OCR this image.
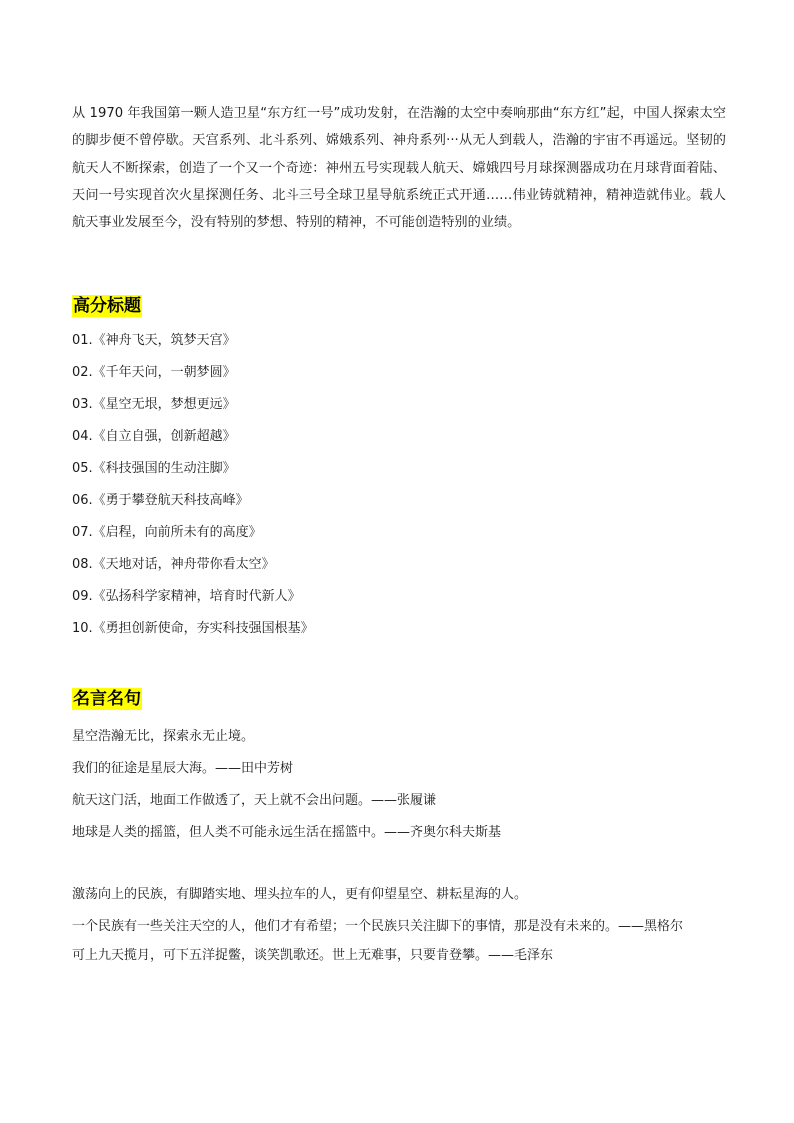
从 1970 年我国第一颗人造卫星“东方红一号”成功发射，在浩瀚的太空中奏响那曲“东方红”起，中国人探索太空的脚步便不曾停歇。天宫系列、北斗系列、嫦娥系列、神舟系列···从无人到载人，浩瀚的宇宙不再遥远。坚韧的航天人不断探索，创造了一个又一个奇迹：神州五号实现载人航天、嫦娥四号月球探测器成功在月球背面着陆、天问一号实现首次火星探测任务、北斗三号全球卫星导航系统正式开通……伟业铸就精神，精神造就伟业。载人航天事业发展至今，没有特别的梦想、特别的精神，不可能创造特别的业绩。

高分标题
01.《神舟飞天，筑梦天宫》
02.《千年天问，一朝梦圆》
03.《星空无垠，梦想更远》
04.《自立自强，创新超越》
05.《科技强国的生动注脚》
06.《勇于攀登航天科技高峰》
07.《启程，向前所未有的高度》
08.《天地对话，神舟带你看太空》
09.《弘扬科学家精神，培育时代新人》
10.《勇担创新使命，夯实科技强国根基》
名言名句
星空浩瀚无比，探索永无止境。
我们的征途是星辰大海。——田中芳树
航天这门活，地面工作做透了，天上就不会出问题。——张履谦
地球是人类的摇篮，但人类不可能永远生活在摇篮中。——齐奥尔科夫斯基
激荡向上的民族，有脚踏实地、埋头拉车的人，更有仰望星空、耕耘星海的人。
一个民族有一些关注天空的人，他们才有希望；一个民族只关注脚下的事情，那是没有未来的。——黑格尔
可上九天揽月，可下五洋捉鳖，谈笑凯歌还。世上无难事，只要肯登攀。——毛泽东
